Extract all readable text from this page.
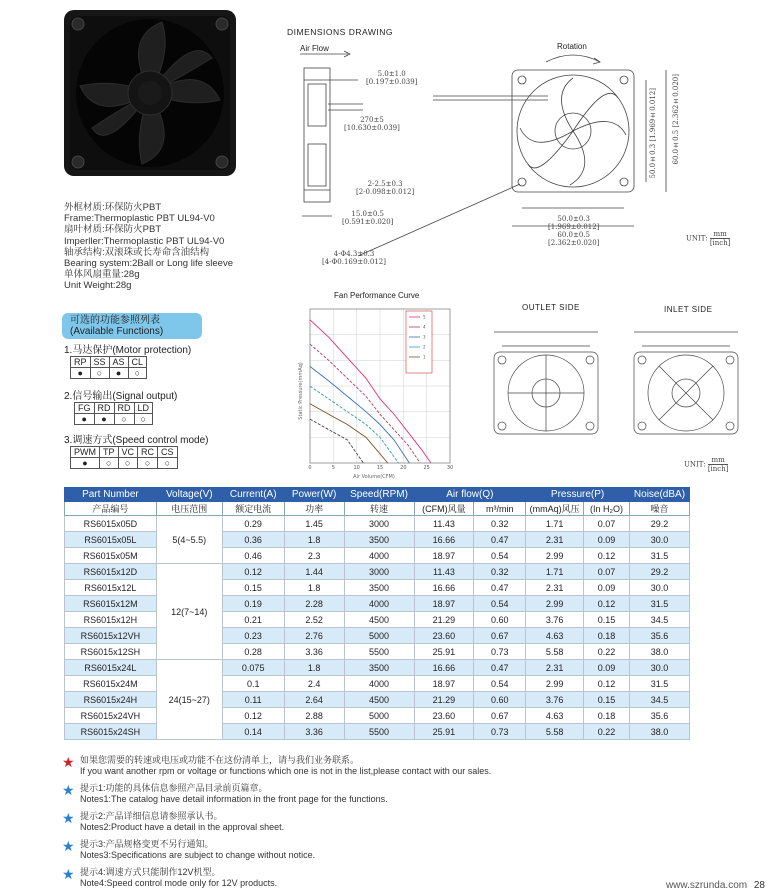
外框材质:环保防火PBT
Frame:Thermoplastic PBT UL94-V0
扇叶材质:环保防火PBT
Imperller:Thermoplastic PBT UL94-V0
轴承结构:双滚珠或长寿命含油结构
Bearing system:2Ball or Long life sleeve
单体风扇重量:28g
Unit Weight:28g
可选的功能参照列表
(Available Functions)
1.马达保护(Motor protection)
RP	SS	AS	CL
●	○	●	○
2.信号输出(Signal output)
FG	RD	RD	LD
●	●	○	○
3.调速方式(Speed control mode)
PWM	TP	VC	RC	CS
●	○	○	○	○
DIMENSIONS DRAWING
Air Flow	Rotation
5.0±1.0
[0.197±0.039]
270±5
[10.630±0.039]
2-2.5±0.3
[2-0.098±0.012]
15.0±0.5
[0.591±0.020]
4-Φ4.3±0.3
[4-Φ0.169±0.012]
50.0±0.3
[1.969±0.012]
60.0±0.5
[2.362±0.020]
50.0±0.3 [1.969±0.012]
60.0±0.5 [2.362±0.020]
UNIT:
mm
[inch]
Fan Performance Curve
0	5	10	15	20	25	30
5
4
3
2
1
Air Volume(CFM)
Static Pressure(mmAq)
OUTLET SIDE	INLET SIDE
UNIT:
mm
[inch]
Part Number	Voltage(V)	Current(A)	Power(W)	Speed(RPM)	Air flow(Q)		Pressure(P)		Noise(dBA)
产品编号	电压范围	额定电流	功率	转速	(CFM)风量	m³/min	(mmAq)风压	(In H₂O)	噪音
RS6015x05D	5(4~5.5)	0.29	1.45	3000	11.43	0.32	1.71	0.07	29.2
RS6015x05L		0.36	1.8	3500	16.66	0.47	2.31	0.09	30.0
RS6015x05M		0.46	2.3	4000	18.97	0.54	2.99	0.12	31.5
RS6015x12D	12(7~14)	0.12	1.44	3000	11.43	0.32	1.71	0.07	29.2
RS6015x12L		0.15	1.8	3500	16.66	0.47	2.31	0.09	30.0
RS6015x12M		0.19	2.28	4000	18.97	0.54	2.99	0.12	31.5
RS6015x12H		0.21	2.52	4500	21.29	0.60	3.76	0.15	34.5
RS6015x12VH		0.23	2.76	5000	23.60	0.67	4.63	0.18	35.6
RS6015x12SH		0.28	3.36	5500	25.91	0.73	5.58	0.22	38.0
RS6015x24L	24(15~27)	0.075	1.8	3500	16.66	0.47	2.31	0.09	30.0
RS6015x24M		0.1	2.4	4000	18.97	0.54	2.99	0.12	31.5
RS6015x24H		0.11	2.64	4500	21.29	0.60	3.76	0.15	34.5
RS6015x24VH		0.12	2.88	5000	23.60	0.67	4.63	0.18	35.6
RS6015x24SH		0.14	3.36	5500	25.91	0.73	5.58	0.22	38.0
★ 如果您需要的转速或电压或功能不在这份清单上，请与我们业务联系。
If you want another rpm or voltage or functions which one is not in the list,please contact with our sales.
★ 提示1:功能的具体信息参照产品目录前页篇章。
Notes1:The catalog have detail information in the front page for the functions.
★ 提示2:产品详细信息请参照承认书。
Notes2:Product have a detail in the approval sheet.
★ 提示3:产品规格变更不另行通知。
Notes3:Specifications are subject to change without notice.
★ 提示4:调速方式只能制作12V机型。
Note4:Speed control mode only for 12V products.	www.szrunda.com 28
